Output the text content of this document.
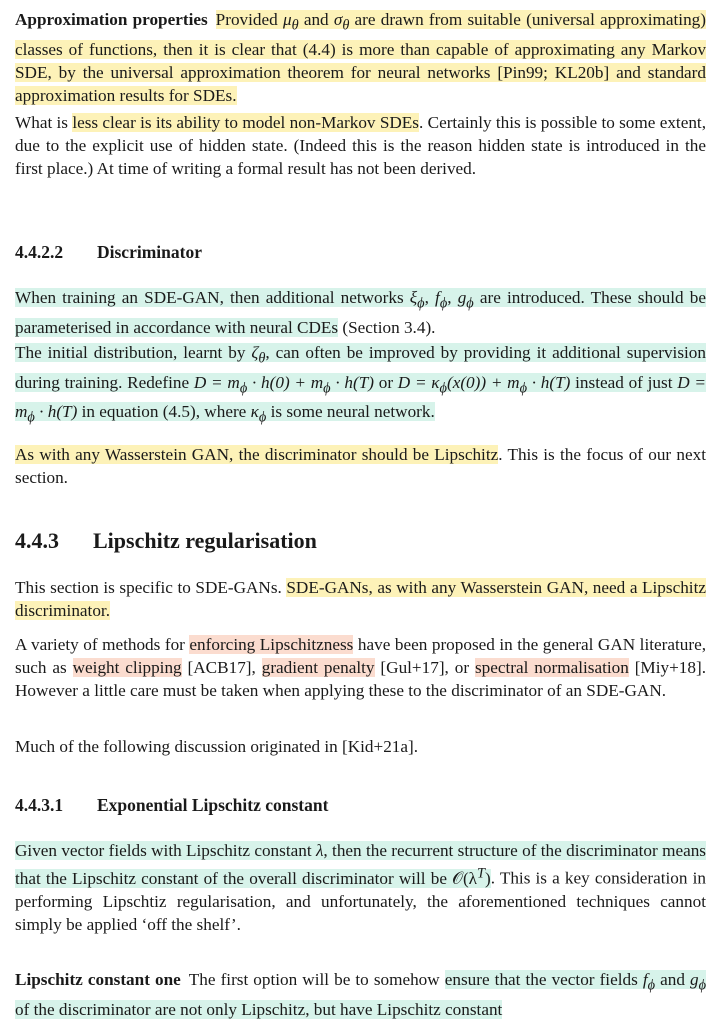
Approximation properties Provided $\mu_\theta$ and $\sigma_\theta$ are drawn from suitable (universal approximating) classes of functions, then it is clear that (4.4) is more than capable of approximating any Markov SDE, by the universal approximation theorem for neural networks [Pin99; KL20b] and standard approximation results for SDEs.

What is less clear is its ability to model non-Markov SDEs. Certainly this is possible to some extent, due to the explicit use of hidden state. (Indeed this is the reason hidden state is introduced in the first place.) At time of writing a formal result has not been derived.

4.4.2.2 Discriminator

When training an SDE-GAN, then additional networks $\xi_\phi$, $f_\phi$, $g_\phi$ are introduced. These should be parameterised in accordance with neural CDEs (Section 3.4).

The initial distribution, learnt by $\zeta_\theta$, can often be improved by providing it additional supervision during training. Redefine $D = m_\phi \cdot h(0) + m_\phi \cdot h(T)$ or $D = \kappa_\phi(x(0)) + m_\phi \cdot h(T)$ instead of just $D = m_\phi \cdot h(T)$ in equation (4.5), where $\kappa_\phi$ is some neural network.

As with any Wasserstein GAN, the discriminator should be Lipschitz. This is the focus of our next section.

4.4.3 Lipschitz regularisation

This section is specific to SDE-GANs. SDE-GANs, as with any Wasserstein GAN, need a Lipschitz discriminator.

A variety of methods for enforcing Lipschitzness have been proposed in the general GAN literature, such as weight clipping [ACB17], gradient penalty [Gul+17], or spectral normalisation [Miy+18]. However a little care must be taken when applying these to the discriminator of an SDE-GAN.

Much of the following discussion originated in [Kid+21a].

4.4.3.1 Exponential Lipschitz constant

Given vector fields with Lipschitz constant λ, then the recurrent structure of the discriminator means that the Lipschitz constant of the overall discriminator will be $𝒪(\lambda^T)$. This is a key consideration in performing Lipschtiz regularisation, and unfortunately, the aforementioned techniques cannot simply be applied ‘off the shelf’.

Lipschitz constant one The first option will be to somehow ensure that the vector fields $f_\phi$ and $g_\phi$ of the discriminator are not only Lipschitz, but have Lipschitz constant
